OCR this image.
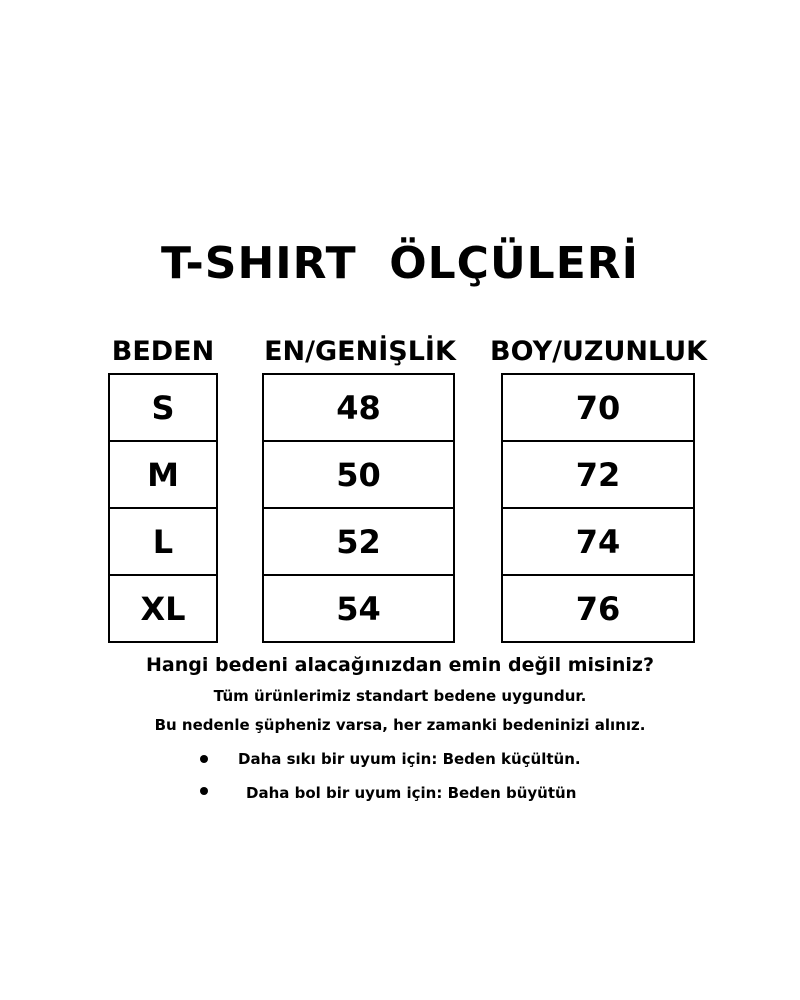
T-SHIRT  ÖLÇÜLERİ
BEDEN	EN/GENİŞLİK	BOY/UZUNLUK
S
M
L
XL
48
50
52
54
70
72
74
76
Hangi bedeni alacağınızdan emin değil misiniz?
Tüm ürünlerimiz standart bedene uygundur.
Bu nedenle şüpheniz varsa, her zamanki bedeninizi alınız.
Daha sıkı bir uyum için: Beden küçültün.
Daha bol bir uyum için: Beden büyütün
